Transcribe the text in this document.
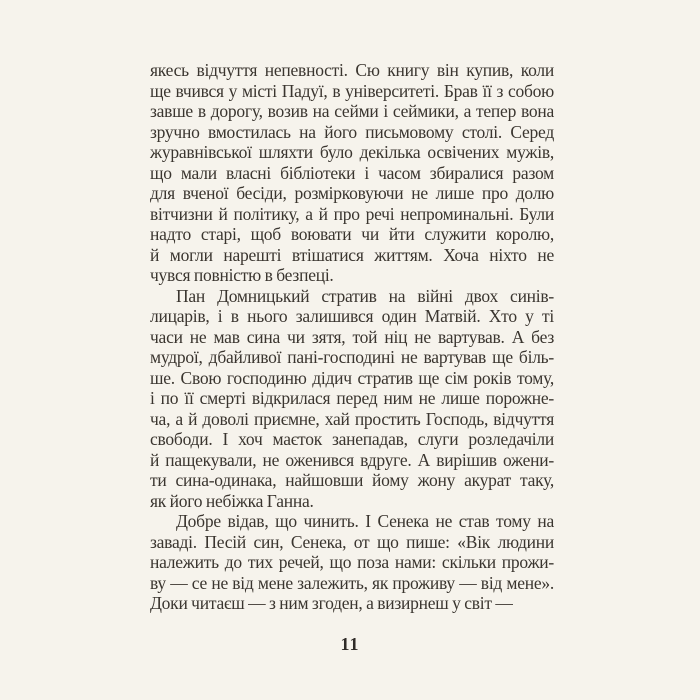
якесь відчуття непевності. Сю книгу він купив, коли
ще вчився у місті Падуї, в університеті. Брав її з собою
завше в дорогу, возив на сейми і сеймики, а тепер вона
зручно вмостилась на його письмовому столі. Серед
журавнівської шляхти було декілька освічених мужів,
що мали власні бібліотеки і часом збиралися разом
для вченої бесіди, розмірковуючи не лише про долю
вітчизни й політику, а й про речі непроминальні. Були
надто старі, щоб воювати чи йти служити королю,
й могли нарешті втішатися життям. Хоча ніхто не
чувся повністю в безпеці.
Пан Домницький стратив на війні двох синів-
лицарів, і в нього залишився один Матвій. Хто у ті
часи не мав сина чи зятя, той ніц не вартував. А без
мудрої, дбайливої пані-господині не вартував ще біль-
ше. Свою господиню дідич стратив ще сім років тому,
і по її смерті відкрилася перед ним не лише порожне-
ча, а й доволі приємне, хай простить Господь, відчуття
свободи. І хоч маєток занепадав, слуги розледачіли
й пащекували, не оженився вдруге. А вирішив ожени-
ти сина-одинака, найшовши йому жону акурат таку,
як його небіжка Ганна.
Добре відав, що чинить. І Сенека не став тому на
заваді. Песій син, Сенека, от що пише: «Вік людини
належить до тих речей, що поза нами: скільки прожи-
ву — се не від мене залежить, як проживу — від мене».
Доки читаєш — з ним згоден, а визирнеш у світ —
11
